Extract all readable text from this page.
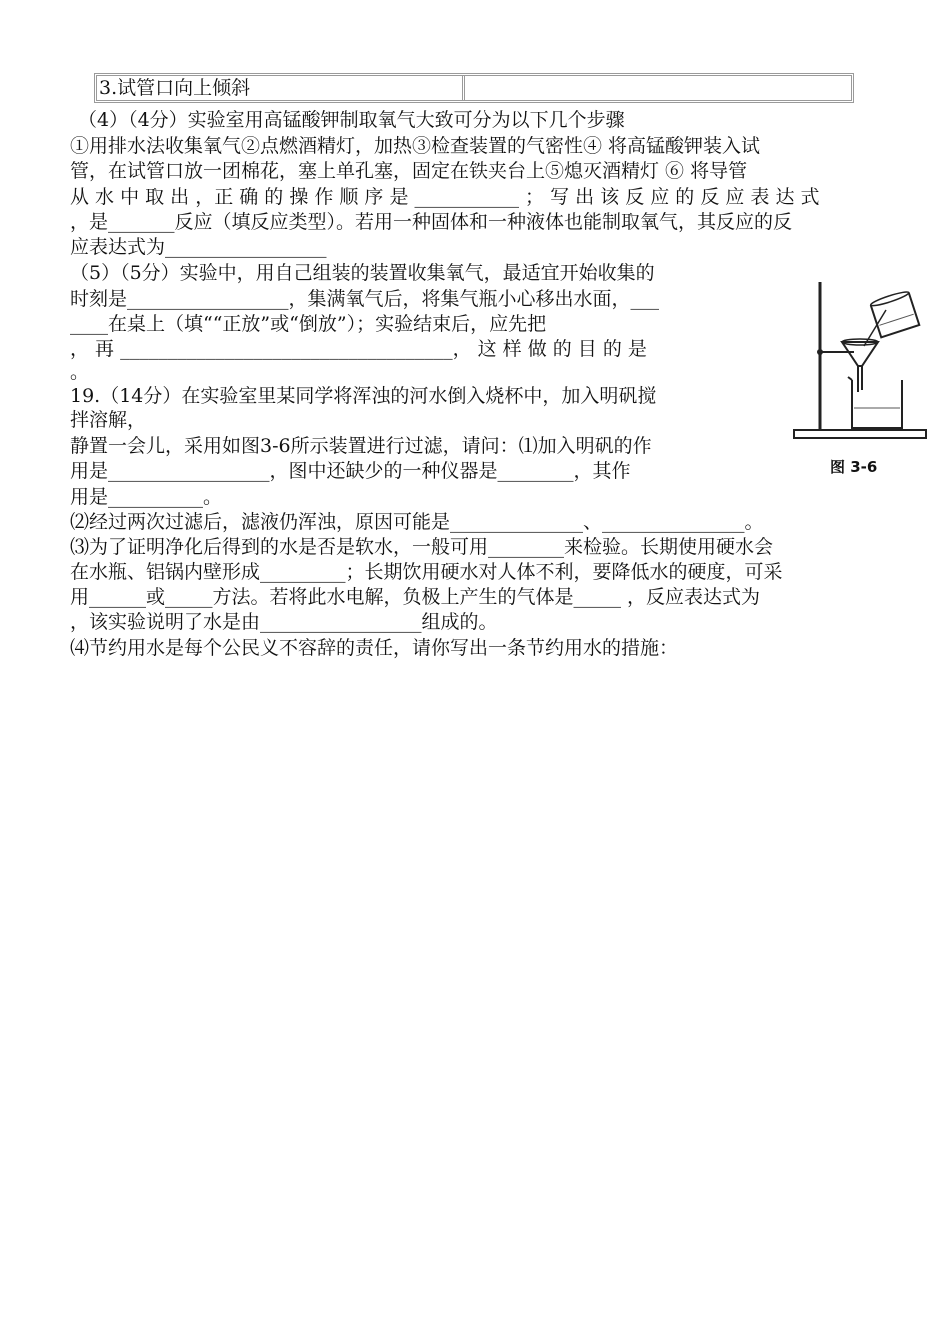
3.试管口向上倾斜
（4）（4分）实验室用高锰酸钾制取氧气大致可分为以下几个步骤
①用排水法收集氧气②点燃酒精灯，加热③检查装置的气密性④ 将高锰酸钾装入试
管，在试管口放一团棉花，塞上单孔塞，固定在铁夹台上⑤熄灭酒精灯 ⑥ 将导管
从 水 中 取 出 ，正 确 的 操 作 顺 序 是 ___________ ； 写 出 该 反 应 的 反 应 表 达 式
，是_______反应（填反应类型）。若用一种固体和一种液体也能制取氧气，其反应的反
应表达式为_________________
（5）（5分）实验中，用自己组装的装置收集氧气，最适宜开始收集的
时刻是_________________，集满氧气后，将集气瓶小心移出水面，___
____在桌上（填““正放”或“倒放”）；实验结束后，应先把
， 再 ___________________________________， 这 样 做 的 目 的 是
。
19.（14分）在实验室里某同学将浑浊的河水倒入烧杯中，加入明矾搅
拌溶解，
静置一会儿，采用如图3-6所示装置进行过滤，请问：⑴加入明矾的作
用是_________________，图中还缺少的一种仪器是________，其作
用是__________。
⑵经过两次过滤后，滤液仍浑浊，原因可能是______________、_______________。
⑶为了证明净化后得到的水是否是软水，一般可用________来检验。长期使用硬水会
在水瓶、铝锅内壁形成_________；长期饮用硬水对人体不利，要降低水的硬度，可采
用______或_____方法。若将此水电解，负极上产生的气体是_____ ，反应表达式为
，该实验说明了水是由_________________组成的。
⑷节约用水是每个公民义不容辞的责任，请你写出一条节约用水的措施：
图 3-6
